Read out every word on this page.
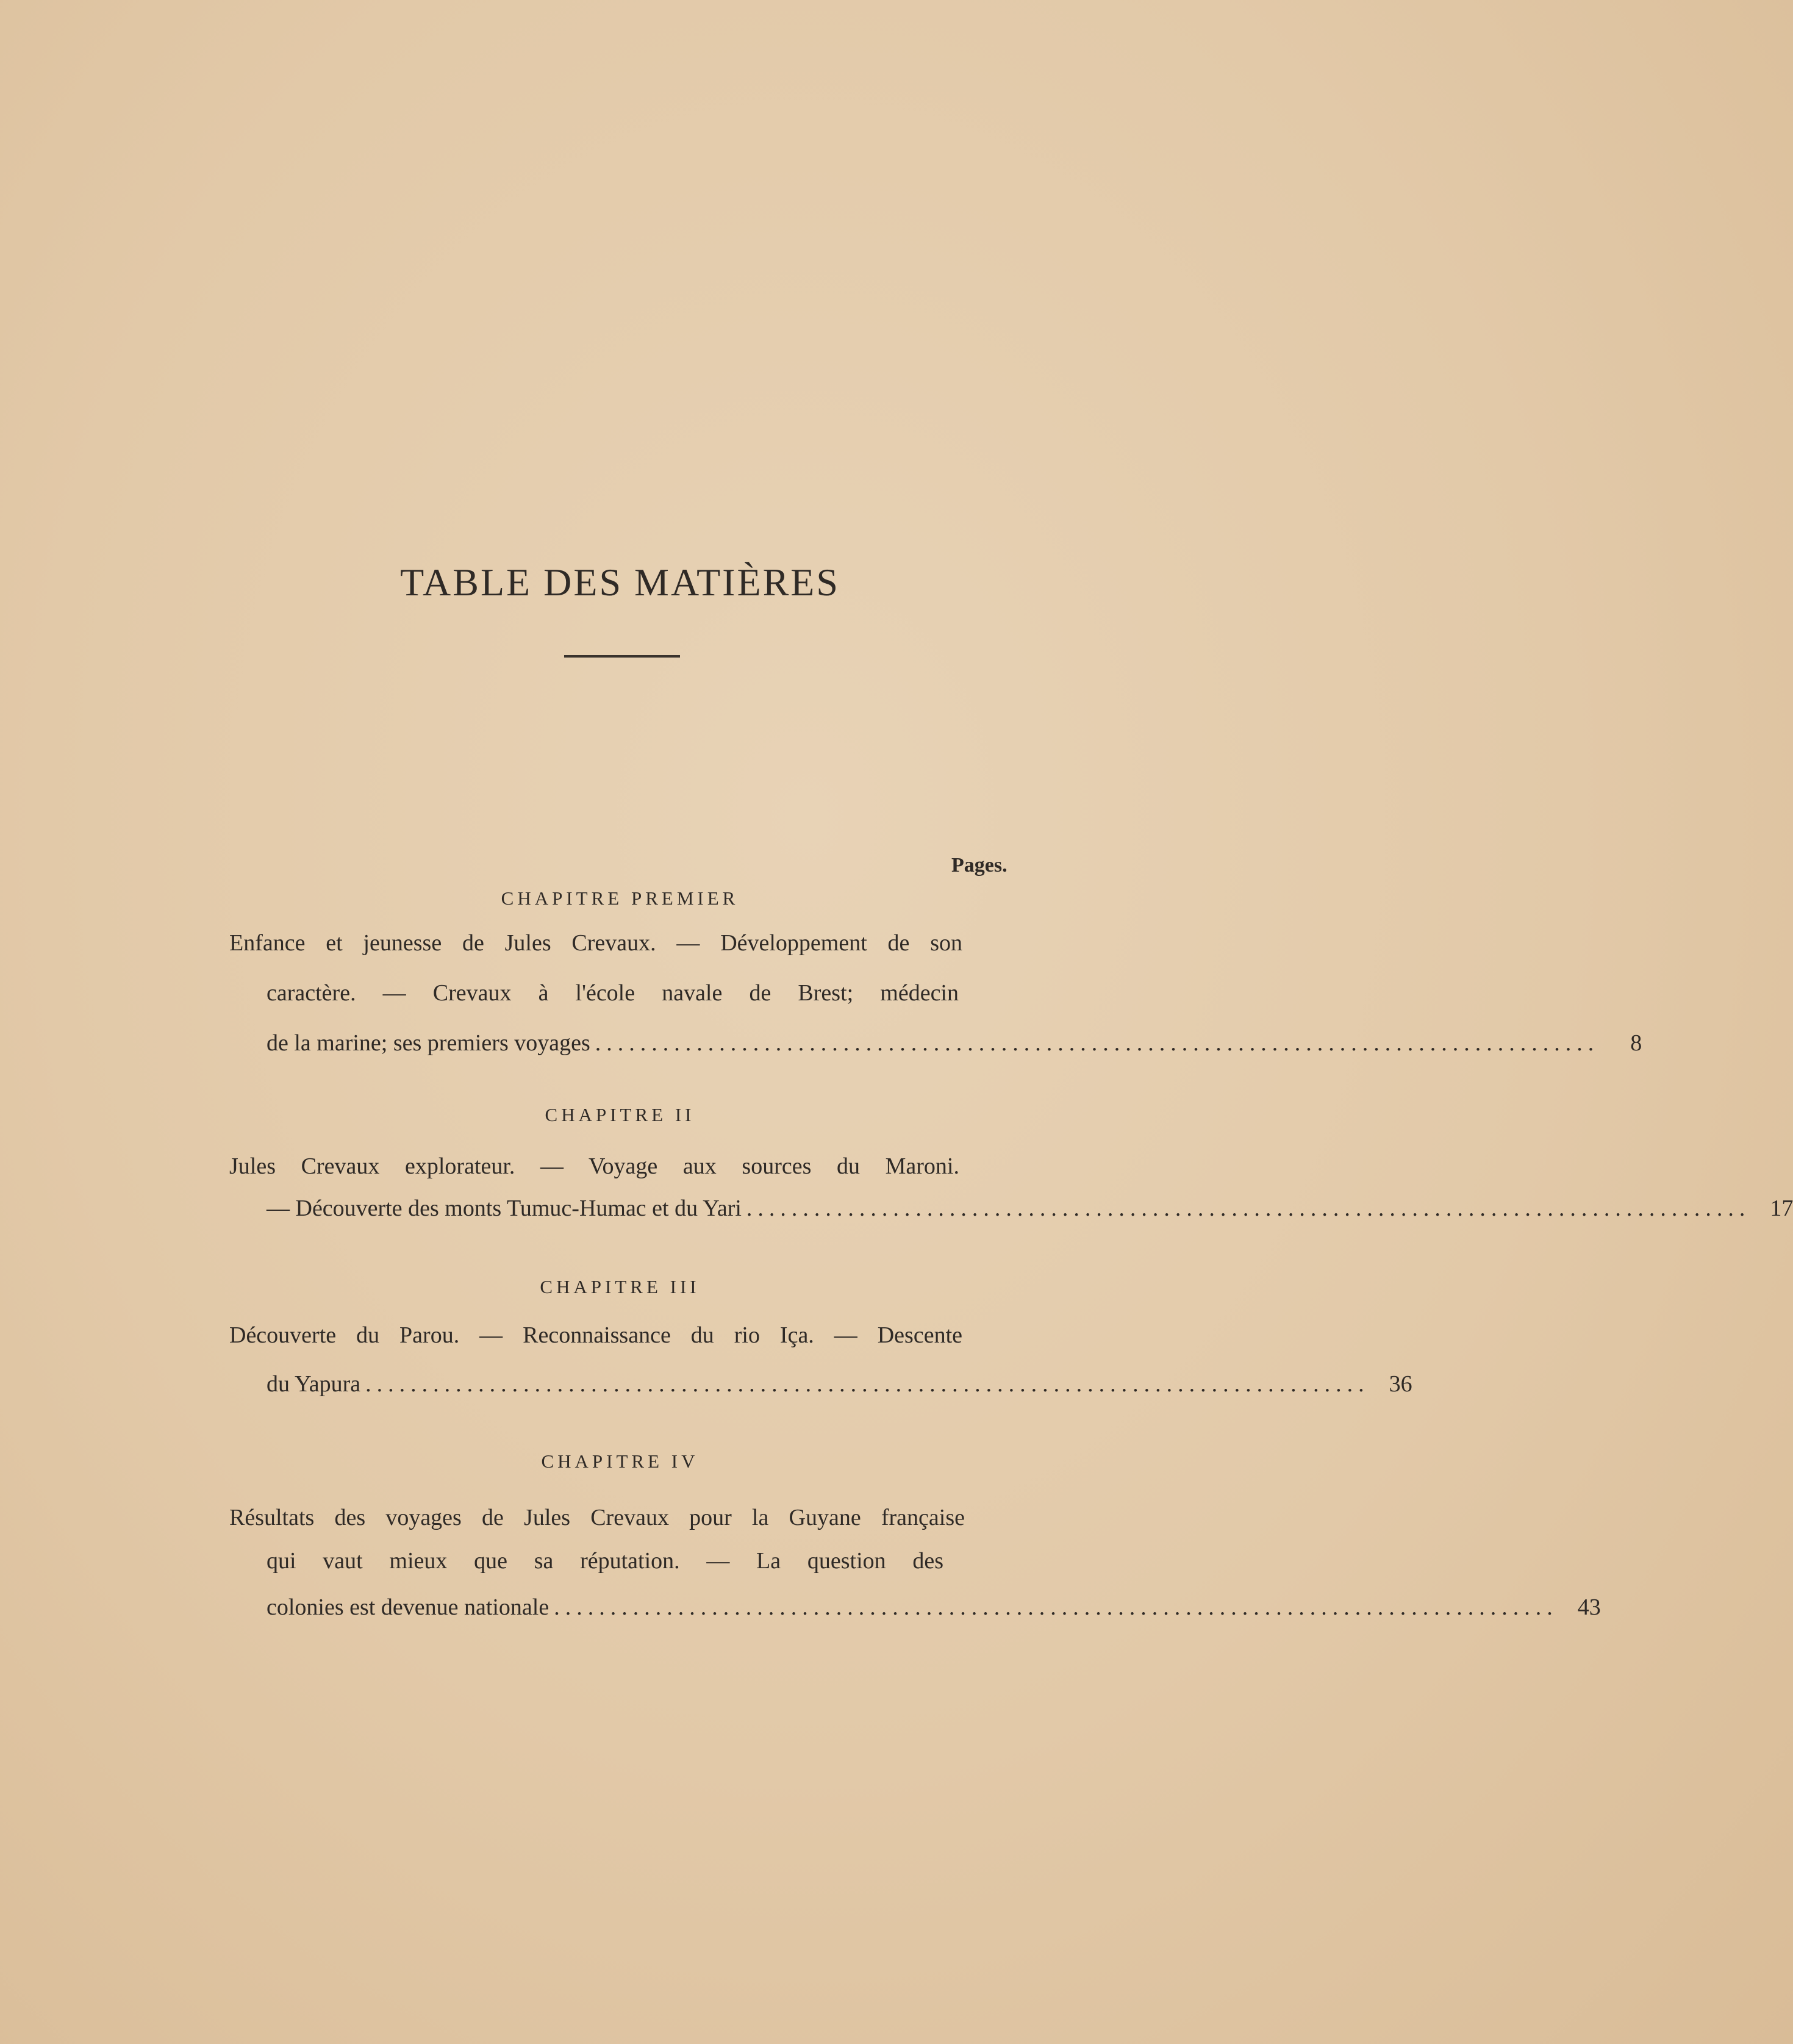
TABLE DES MATIÈRES
Pages.
CHAPITRE PREMIER
Enfance et jeunesse de Jules Crevaux. — Développement de son
caractère. — Crevaux à l'école navale de Brest; médecin
de la marine; ses premiers voyages .........................................................................................	8
CHAPITRE II
Jules Crevaux explorateur. — Voyage aux sources du Maroni.
— Découverte des monts Tumuc-Humac et du Yari ......................................................................................... 17
CHAPITRE III
Découverte du Parou. — Reconnaissance du rio Iça. — Descente
du Yapura ......................................................................................... 36
CHAPITRE IV
Résultats des voyages de Jules Crevaux pour la Guyane française
qui vaut mieux que sa réputation. — La question des
colonies est devenue nationale ......................................................................................... 43
